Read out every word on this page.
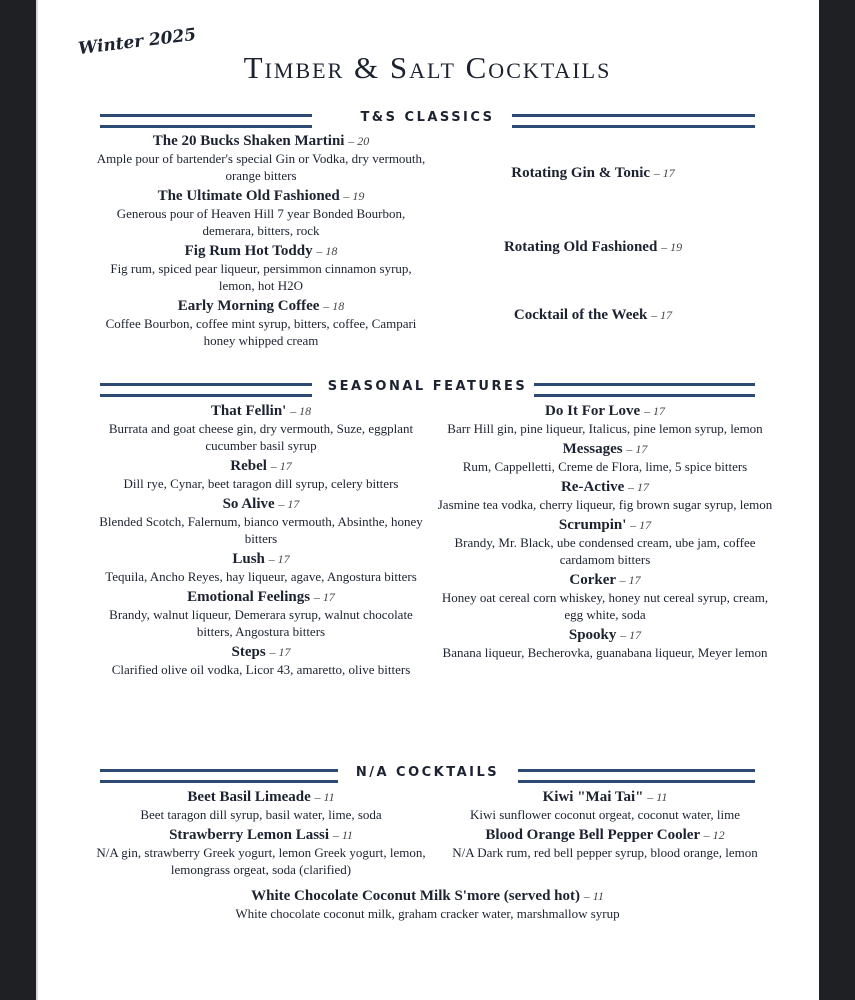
Winter 2025
Timber & Salt Cocktails
T&S CLASSICS
The 20 Bucks Shaken Martini – 20
Ample pour of bartender's special Gin or Vodka, dry vermouth, orange bitters
The Ultimate Old Fashioned – 19
Generous pour of Heaven Hill 7 year Bonded Bourbon, demerara, bitters, rock
Fig Rum Hot Toddy – 18
Fig rum, spiced pear liqueur, persimmon cinnamon syrup, lemon, hot H2O
Early Morning Coffee – 18
Coffee Bourbon, coffee mint syrup, bitters, coffee, Campari honey whipped cream
Rotating Gin & Tonic – 17
Rotating Old Fashioned – 19
Cocktail of the Week – 17
SEASONAL FEATURES
That Fellin' – 18
Burrata and goat cheese gin, dry vermouth, Suze, eggplant cucumber basil syrup
Rebel – 17
Dill rye, Cynar, beet taragon dill syrup, celery bitters
So Alive – 17
Blended Scotch, Falernum, bianco vermouth, Absinthe, honey bitters
Lush – 17
Tequila, Ancho Reyes, hay liqueur, agave, Angostura bitters
Emotional Feelings – 17
Brandy, walnut liqueur, Demerara syrup, walnut chocolate bitters, Angostura bitters
Steps – 17
Clarified olive oil vodka, Licor 43, amaretto, olive bitters
Do It For Love – 17
Barr Hill gin, pine liqueur, Italicus, pine lemon syrup, lemon
Messages – 17
Rum, Cappelletti, Creme de Flora, lime, 5 spice bitters
Re-Active – 17
Jasmine tea vodka, cherry liqueur, fig brown sugar syrup, lemon
Scrumpin' – 17
Brandy, Mr. Black, ube condensed cream, ube jam, coffee cardamom bitters
Corker – 17
Honey oat cereal corn whiskey, honey nut cereal syrup, cream, egg white, soda
Spooky – 17
Banana liqueur, Becherovka, guanabana liqueur, Meyer lemon
N/A COCKTAILS
Beet Basil Limeade – 11
Beet taragon dill syrup, basil water, lime, soda
Strawberry Lemon Lassi – 11
N/A gin, strawberry Greek yogurt, lemon Greek yogurt, lemon, lemongrass orgeat, soda (clarified)
Kiwi "Mai Tai" – 11
Kiwi sunflower coconut orgeat, coconut water, lime
Blood Orange Bell Pepper Cooler – 12
N/A Dark rum, red bell pepper syrup, blood orange, lemon
White Chocolate Coconut Milk S'more (served hot) – 11
White chocolate coconut milk, graham cracker water, marshmallow syrup
